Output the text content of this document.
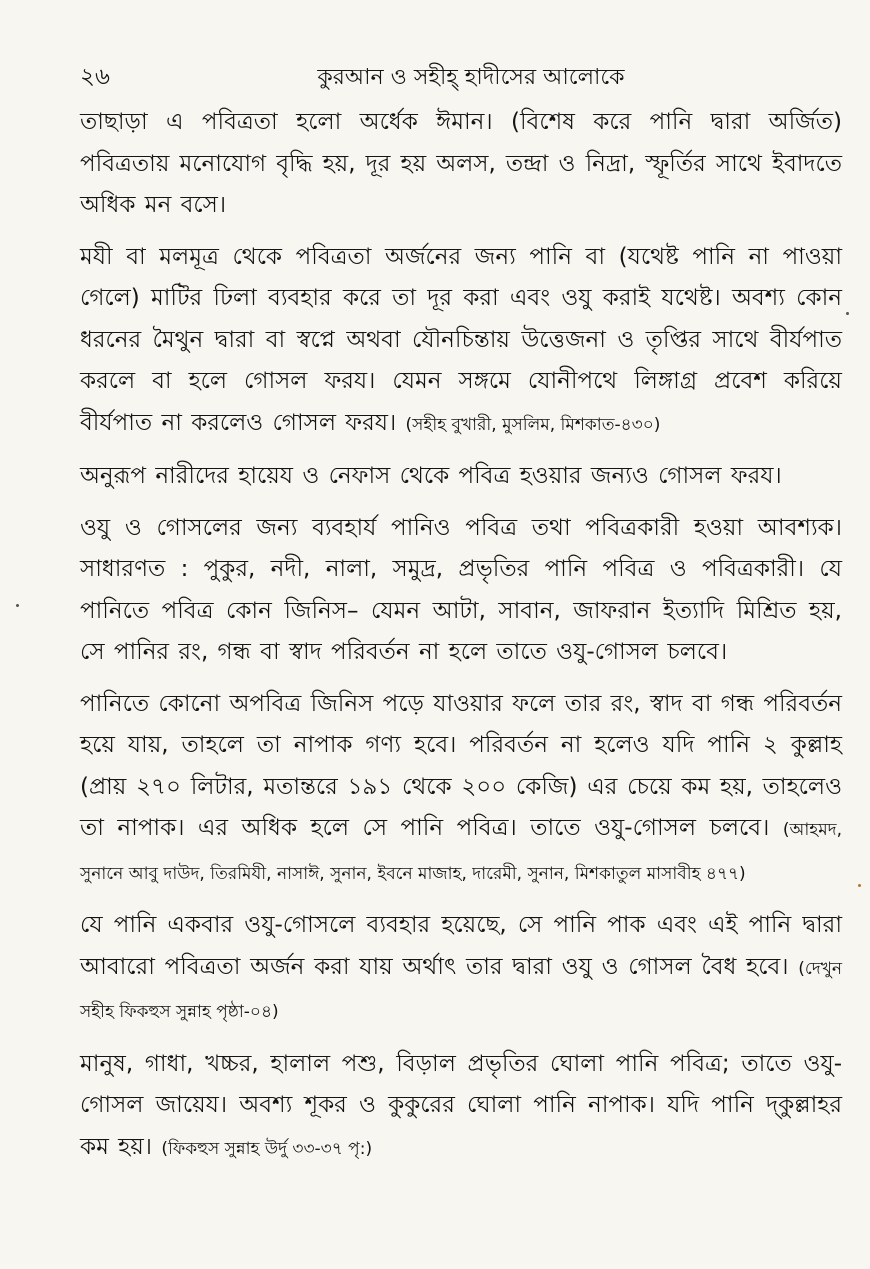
২৬	কুরআন ও সহীহ্ হাদীসের আলোকে

তাছাড়া এ পবিত্রতা হলো অর্ধেক ঈমান। (বিশেষ করে পানি দ্বারা অর্জিত) পবিত্রতায় মনোযোগ বৃদ্ধি হয়, দূর হয় অলস, তন্দ্রা ও নিদ্রা, স্ফূর্তির সাথে ইবাদতে অধিক মন বসে।

মযী বা মলমূত্র থেকে পবিত্রতা অর্জনের জন্য পানি বা (যথেষ্ট পানি না পাওয়া গেলে) মাটির ঢিলা ব্যবহার করে তা দূর করা এবং ওযু করাই যথেষ্ট। অবশ্য কোন ধরনের মৈথুন দ্বারা বা স্বপ্নে অথবা যৌনচিন্তায় উত্তেজনা ও তৃপ্তির সাথে বীর্যপাত করলে বা হলে গোসল ফরয। যেমন সঙ্গমে যোনীপথে লিঙ্গাগ্র প্রবেশ করিয়ে বীর্যপাত না করলেও গোসল ফরয। (সহীহ বুখারী, মুসলিম, মিশকাত-৪৩০)

অনুরূপ নারীদের হায়েয ও নেফাস থেকে পবিত্র হওয়ার জন্যও গোসল ফরয।

ওযু ও গোসলের জন্য ব্যবহার্য পানিও পবিত্র তথা পবিত্রকারী হওয়া আবশ্যক। সাধারণত : পুকুর, নদী, নালা, সমুদ্র, প্রভৃতির পানি পবিত্র ও পবিত্রকারী। যে পানিতে পবিত্র কোন জিনিস– যেমন আটা, সাবান, জাফরান ইত্যাদি মিশ্রিত হয়, সে পানির রং, গন্ধ বা স্বাদ পরিবর্তন না হলে তাতে ওযু-গোসল চলবে।

পানিতে কোনো অপবিত্র জিনিস পড়ে যাওয়ার ফলে তার রং, স্বাদ বা গন্ধ পরিবর্তন হয়ে যায়, তাহলে তা নাপাক গণ্য হবে। পরিবর্তন না হলেও যদি পানি ২ কুল্লাহ (প্রায় ২৭০ লিটার, মতান্তরে ১৯১ থেকে ২০০ কেজি) এর চেয়ে কম হয়, তাহলেও তা নাপাক। এর অধিক হলে সে পানি পবিত্র। তাতে ওযু-গোসল চলবে। (আহমদ, সুনানে আবু দাউদ, তিরমিযী, নাসাঈ, সুনান, ইবনে মাজাহ, দারেমী, সুনান, মিশকাতুল মাসাবীহ ৪৭৭)

যে পানি একবার ওযু-গোসলে ব্যবহার হয়েছে, সে পানি পাক এবং এই পানি দ্বারা আবারো পবিত্রতা অর্জন করা যায় অর্থাৎ তার দ্বারা ওযু ও গোসল বৈধ হবে। (দেখুন সহীহ ফিকহুস সুন্নাহ পৃষ্ঠা-০৪)

মানুষ, গাধা, খচ্চর, হালাল পশু, বিড়াল প্রভৃতির ঘোলা পানি পবিত্র; তাতে ওযু-গোসল জায়েয। অবশ্য শূকর ও কুকুরের ঘোলা পানি নাপাক। যদি পানি দ্কুল্লাহর কম হয়। (ফিকহুস সুন্নাহ উর্দু ৩৩-৩৭ পৃ:)
